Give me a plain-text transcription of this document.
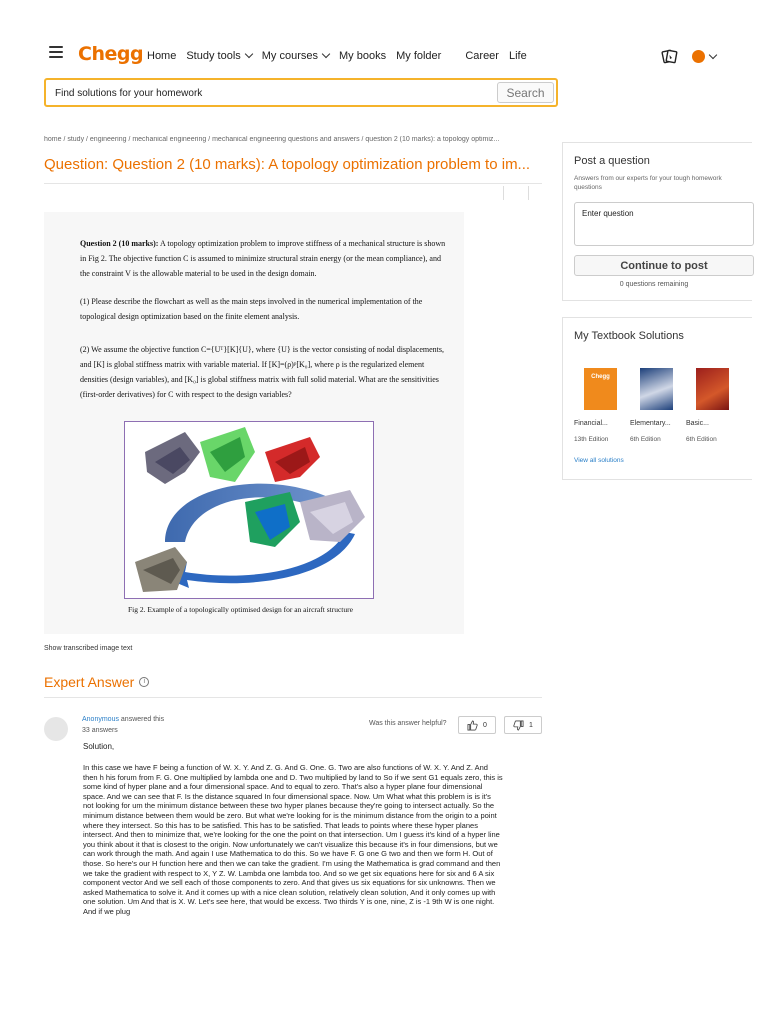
Chegg Home Study tools My courses My books My folder Career Life
Find solutions for your homework	Search
home / study / engineering / mechanical engineering / mechanical engineering questions and answers / question 2 (10 marks): a topology optimiz...
Question: Question 2 (10 marks): A topology optimization problem to im...

Question 2 (10 marks): A topology optimization problem to improve stiffness of a mechanical structure is shown in Fig 2. The objective function C is assumed to minimize structural strain energy (or the mean compliance), and the constraint V is the allowable material to be used in the design domain.

(1) Please describe the flowchart as well as the main steps involved in the numerical implementation of the topological design optimization based on the finite element analysis.

(2) We assume the objective function C={Uᵀ}[K]{U}, where {U} is the vector consisting of nodal displacements, and [K] is global stiffness matrix with variable material. If [K]=(ρ)ᵖ[K₀], where ρ is the regularized element densities (design variables), and [K₀] is global stiffness matrix with full solid material. What are the sensitivities (first-order derivatives) for C with respect to the design variables?

Fig 2. Example of a topologically optimised design for an aircraft structure
Show transcribed image text
Expert Answer	i
Anonymous answered this
33 answers
Was this answer helpful?	0	1
Solution,
In this case we have F being a function of W. X. Y. And Z. G. And G. One. G. Two are also functions of W. X. Y. And Z. And then h his forum from F. G. One multiplied by lambda one and D. Two multiplied by land to So if we sent G1 equals zero, this is some kind of hyper plane and a four dimensional space. And to equal to zero. That's also a hyper plane four dimensional space. And we can see that F. Is the distance squared In four dimensional space. Now. Um What what this problem is is it's not looking for um the minimum distance between these two hyper planes because they're going to intersect actually. So the minimum distance between them would be zero. But what we're looking for is the minimum distance from the origin to a point where they intersect. So this has to be satisfied. This has to be satisfied. That leads to points where these hyper planes intersect. And then to minimize that, we're looking for the one the point on that intersection. Um I guess it's kind of a hyper line you think about it that is closest to the origin. Now unfortunately we can't visualize this because it's in four dimensions, but we can work through the math. And again I use Mathematica to do this. So we have F. G one G two and then we form H. Out of those. So here's our H function here and then we can take the gradient. I'm using the Mathematica is grad command and then we take the gradient with respect to X, Y Z. W. Lambda one lambda too. And so we get six equations here for six and 6 A six component vector And we sell each of those components to zero. And that gives us six equations for six unknowns. Then we asked Mathematica to solve it. And it comes up with a nice clean solution, relatively clean solution, And it only comes up with one solution. Um And that is X. W. Let's see here, that would be excess. Two thirds Y is one, nine, Z is -1 9th W is one night. And if we plug
Post a question
Answers from our experts for your tough homework questions
Enter question
Continue to post
0 questions remaining
My Textbook Solutions
Chegg
Financial...
13th Edition
Elementary...
6th Edition
Basic...
6th Edition
View all solutions
